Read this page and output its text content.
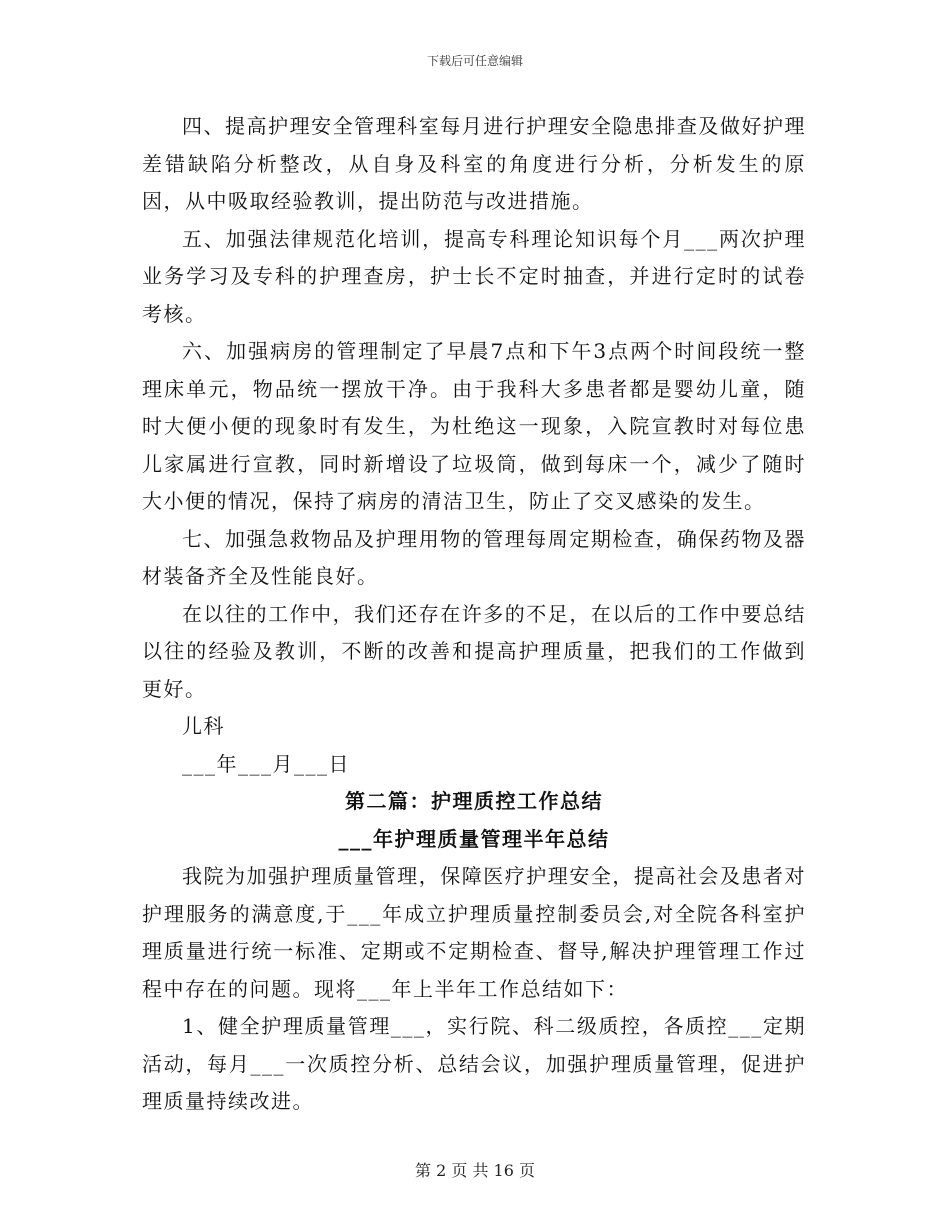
下载后可任意编辑

四、提高护理安全管理科室每月进行护理安全隐患排查及做好护理差错缺陷分析整改，从自身及科室的角度进行分析，分析发生的原因，从中吸取经验教训，提出防范与改进措施。

五、加强法律规范化培训，提高专科理论知识每个月___两次护理业务学习及专科的护理查房，护士长不定时抽查，并进行定时的试卷考核。

六、加强病房的管理制定了早晨7点和下午3点两个时间段统一整理床单元，物品统一摆放干净。由于我科大多患者都是婴幼儿童，随时大便小便的现象时有发生，为杜绝这一现象，入院宣教时对每位患儿家属进行宣教，同时新增设了垃圾筒，做到每床一个，减少了随时大小便的情况，保持了病房的清洁卫生，防止了交叉感染的发生。

七、加强急救物品及护理用物的管理每周定期检查，确保药物及器材装备齐全及性能良好。

在以往的工作中，我们还存在许多的不足，在以后的工作中要总结以往的经验及教训，不断的改善和提高护理质量，把我们的工作做到更好。

儿科

___年___月___日

第二篇：护理质控工作总结

___年护理质量管理半年总结

我院为加强护理质量管理，保障医疗护理安全，提高社会及患者对护理服务的满意度,于___年成立护理质量控制委员会,对全院各科室护理质量进行统一标准、定期或不定期检查、督导,解决护理管理工作过程中存在的问题。现将___年上半年工作总结如下：

1、健全护理质量管理___，实行院、科二级质控，各质控___定期活动，每月___一次质控分析、总结会议，加强护理质量管理，促进护理质量持续改进。

第 2 页 共 16 页
